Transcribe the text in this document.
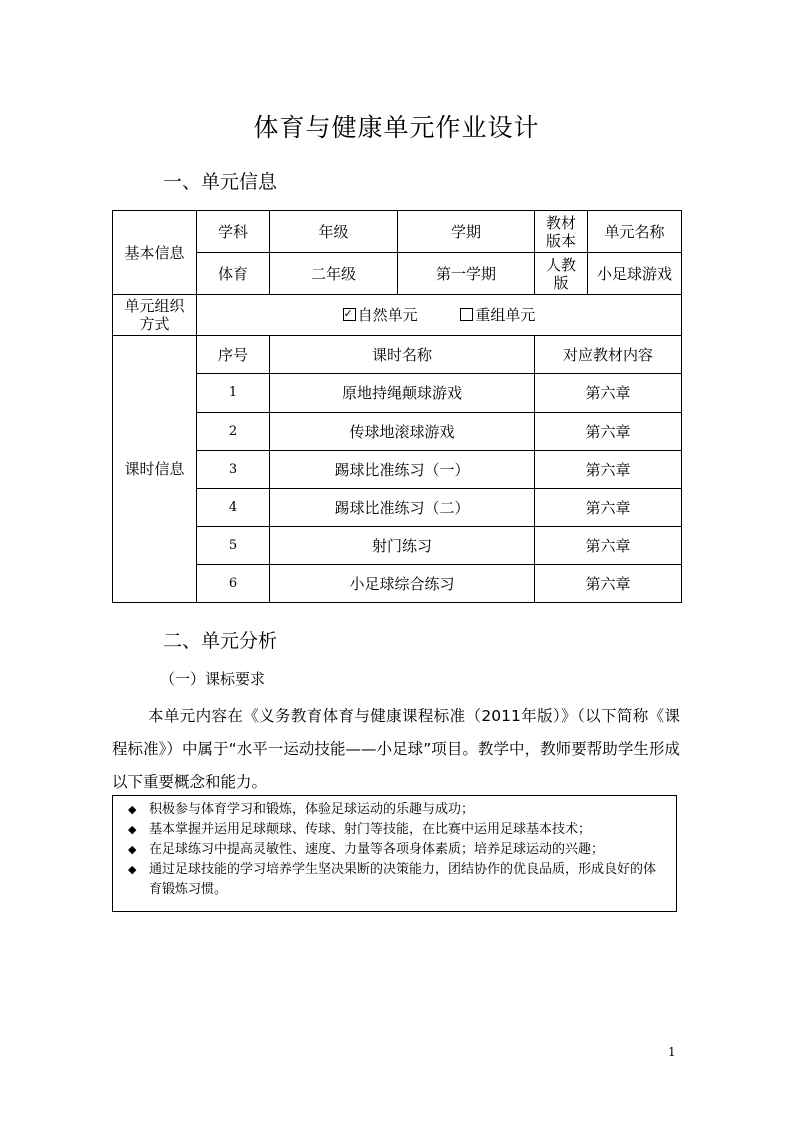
体育与健康单元作业设计
一、单元信息
基本信息	学科	年级	学期	教材版本	单元名称
	体育	二年级	第一学期	人教版	小足球游戏
单元组织方式	✓自然单元 重组单元
课时信息	序号	课时名称		对应教材内容	
	1	原地持绳颠球游戏		第六章	
	2	传球地滚球游戏		第六章	
	3	踢球比准练习（一）		第六章	
	4	踢球比准练习（二）		第六章	
	5	射门练习		第六章	
	6	小足球综合练习		第六章	
二、单元分析
（一）课标要求
本单元内容在《义务教育体育与健康课程标准（2011年版）》（以下简称《课程标准》）中属于“水平一运动技能——小足球”项目。教学中，教师要帮助学生形成以下重要概念和能力。
◆ 积极参与体育学习和锻炼，体验足球运动的乐趣与成功；
◆ 基本掌握并运用足球颠球、传球、射门等技能，在比赛中运用足球基本技术；
◆ 在足球练习中提高灵敏性、速度、力量等各项身体素质；培养足球运动的兴趣；
◆ 通过足球技能的学习培养学生坚决果断的决策能力，团结协作的优良品质，形成良好的体育锻炼习惯。
1
